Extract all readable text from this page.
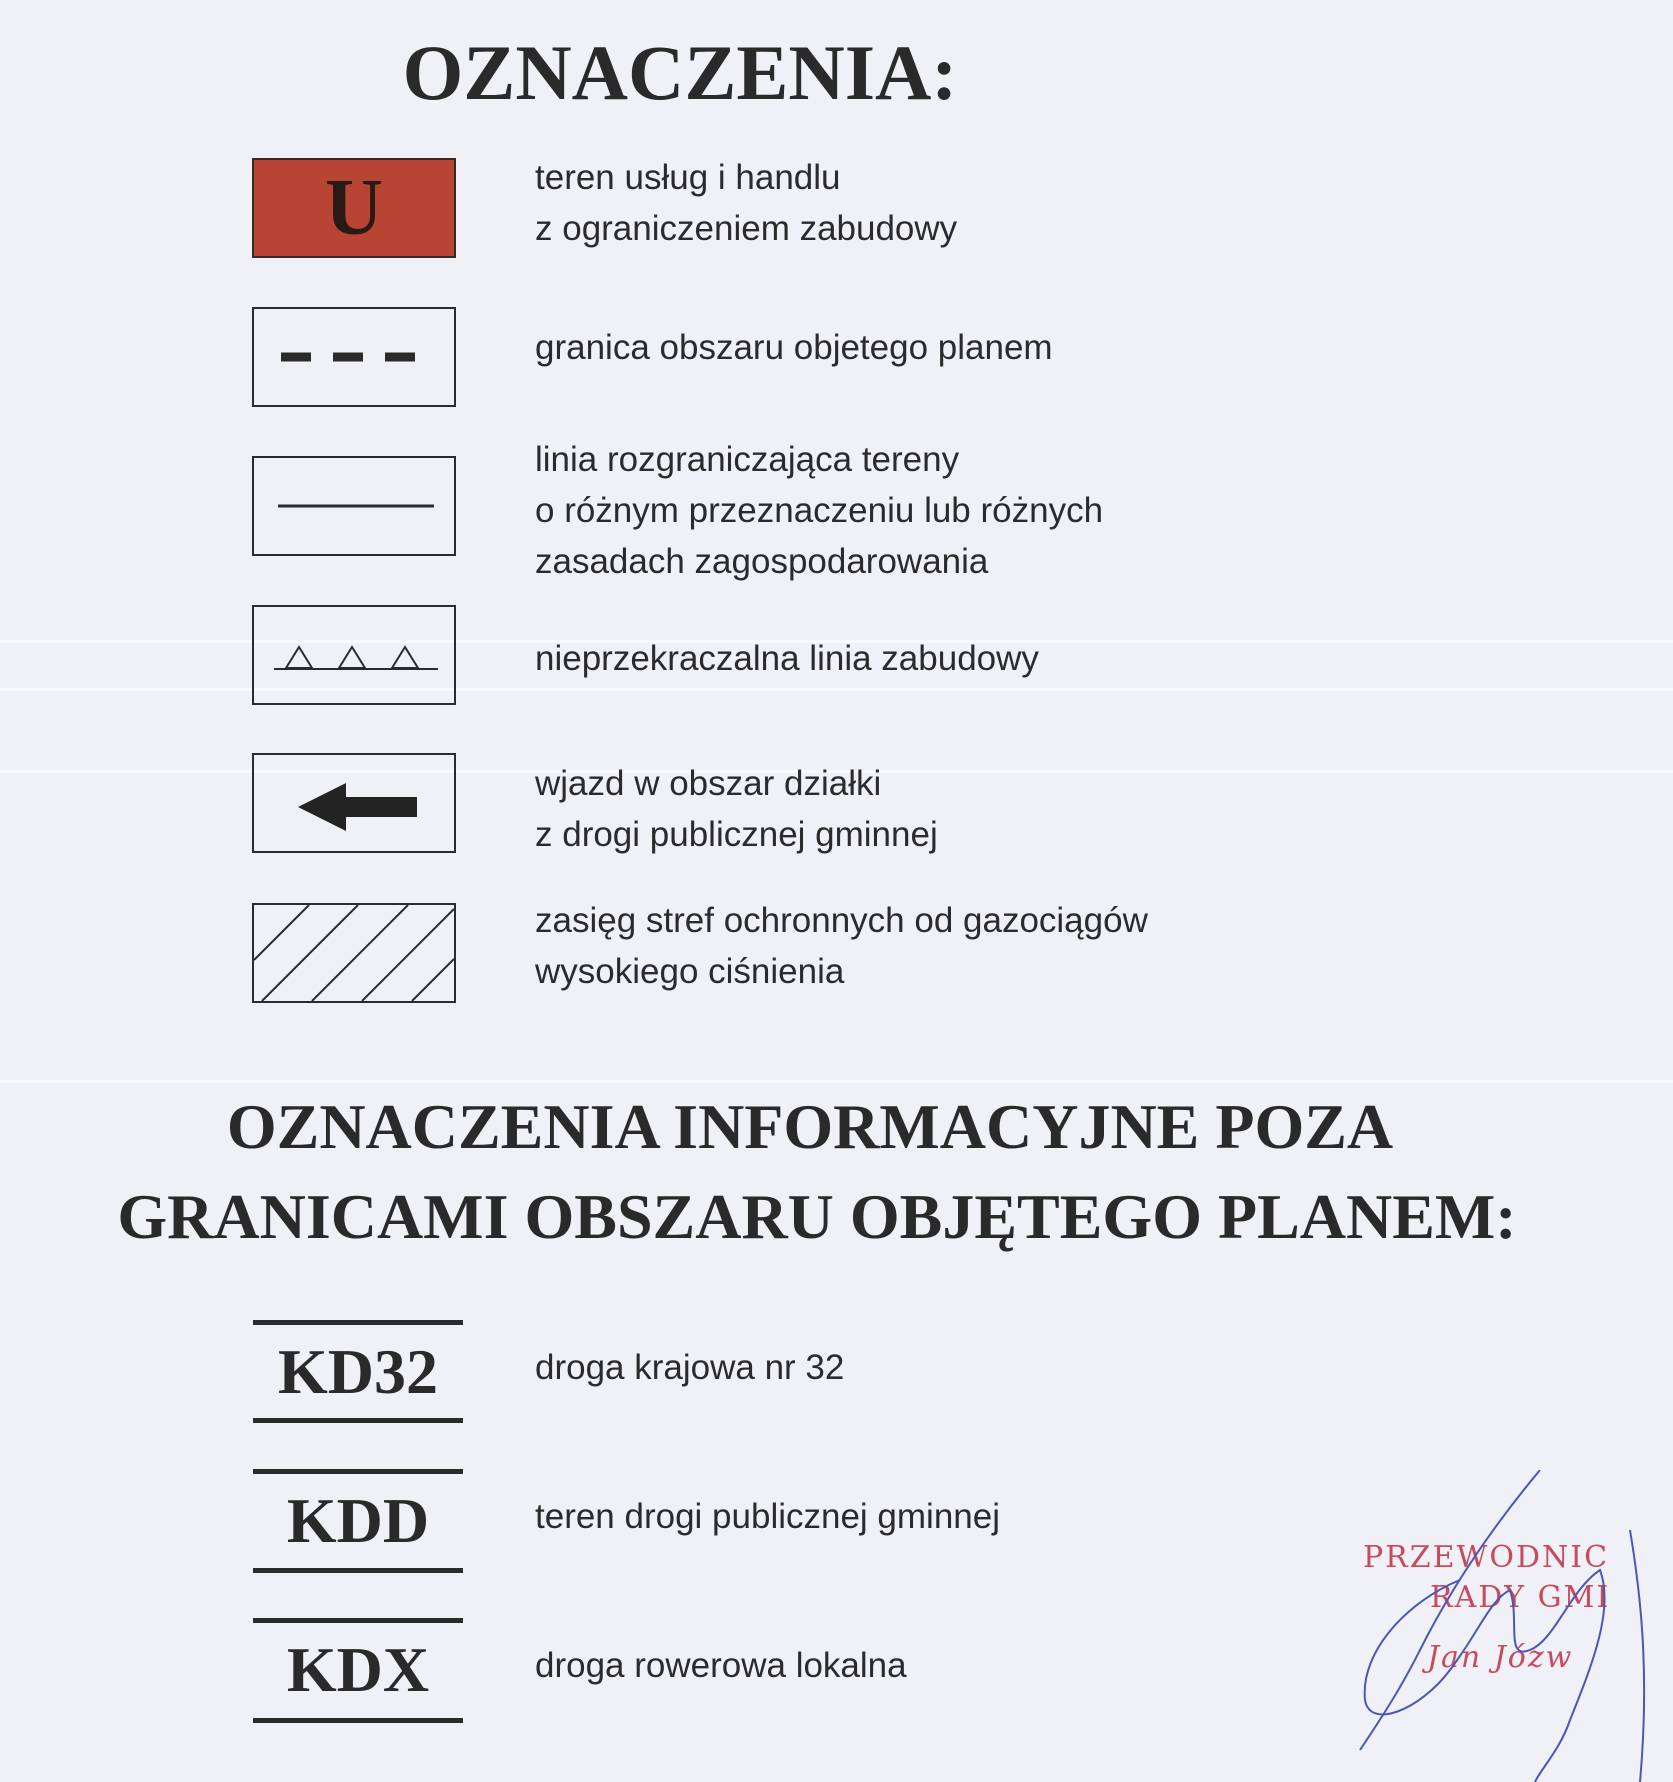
OZNACZENIA:
U	teren usług i handlu
z ograniczeniem zabudowy
granica obszaru objetego planem
linia rozgraniczająca tereny
o różnym przeznaczeniu lub różnych
zasadach zagospodarowania
nieprzekraczalna linia zabudowy
wjazd w obszar działki
z drogi publicznej gminnej
zasięg stref ochronnych od gazociągów
wysokiego ciśnienia
OZNACZENIA INFORMACYJNE POZA
GRANICAMI OBSZARU OBJĘTEGO PLANEM:
KD32	droga krajowa nr 32
KDD	teren drogi publicznej gminnej
KDX	droga rowerowa lokalna
PRZEWODNIC
RADY GMI
Jan Józw
